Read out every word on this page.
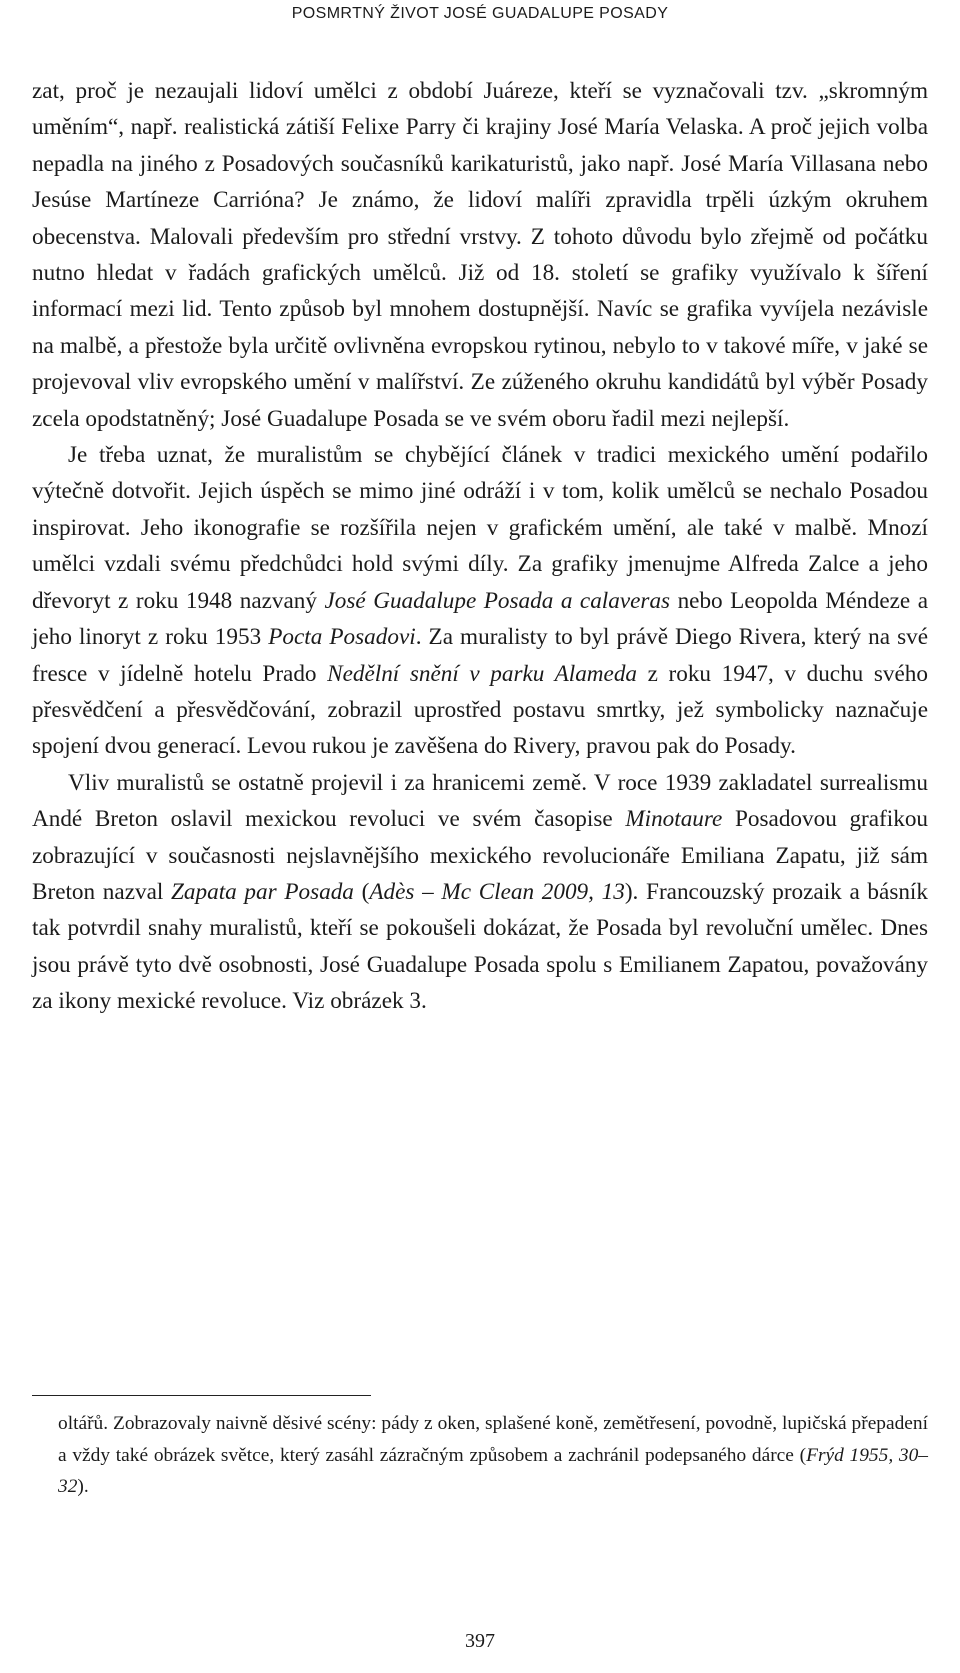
POSMRTNÝ ŽIVOT JOSÉ GUADALUPE POSADY

zat, proč je nezaujali lidoví umělci z období Juáreze, kteří se vyznačovali tzv. „skromným uměním“, např. realistická zátiší Felixe Parry či krajiny José María Velaska. A proč jejich volba nepadla na jiného z Posadových současníků karikaturistů, jako např. José María Villasana nebo Jesúse Martíneze Carrióna? Je známo, že lidoví malíři zpravidla trpěli úzkým okruhem obecenstva. Malovali především pro střední vrstvy. Z tohoto důvodu bylo zřejmě od počátku nutno hledat v řadách grafických umělců. Již od 18. století se grafiky využívalo k šíření informací mezi lid. Tento způsob byl mnohem dostupnější. Navíc se grafika vyvíjela nezávisle na malbě, a přestože byla určitě ovlivněna evropskou rytinou, nebylo to v takové míře, v jaké se projevoval vliv evropského umění v malířství. Ze zúženého okruhu kandidátů byl výběr Posady zcela opodstatněný; José Guadalupe Posada se ve svém oboru řadil mezi nejlepší.

Je třeba uznat, že muralistům se chybějící článek v tradici mexického umění podařilo výtečně dotvořit. Jejich úspěch se mimo jiné odráží i v tom, kolik umělců se nechalo Posadou inspirovat. Jeho ikonografie se rozšířila nejen v grafickém umění, ale také v malbě. Mnozí umělci vzdali svému předchůdci hold svými díly. Za grafiky jmenujme Alfreda Zalce a jeho dřevoryt z roku 1948 nazvaný José Guadalupe Posada a calaveras nebo Leopolda Méndeze a jeho linoryt z roku 1953 Pocta Posadovi. Za muralisty to byl právě Diego Rivera, který na své fresce v jídelně hotelu Prado Nedělní snění v parku Alameda z roku 1947, v duchu svého přesvědčení a přesvědčování, zobrazil uprostřed postavu smrtky, jež symbolicky naznačuje spojení dvou generací. Levou rukou je zavěšena do Rivery, pravou pak do Posady.

Vliv muralistů se ostatně projevil i za hranicemi země. V roce 1939 zakladatel surrealismu Andé Breton oslavil mexickou revoluci ve svém časopise Minotaure Posadovou grafikou zobrazující v současnosti nejslavnějšího mexického revolucionáře Emiliana Zapatu, již sám Breton nazval Zapata par Posada (Adès – Mc Clean 2009, 13). Francouzský prozaik a básník tak potvrdil snahy muralistů, kteří se pokoušeli dokázat, že Posada byl revoluční umělec. Dnes jsou právě tyto dvě osobnosti, José Guadalupe Posada spolu s Emilianem Zapatou, považovány za ikony mexické revoluce. Viz obrázek 3.

oltářů. Zobrazovaly naivně děsivé scény: pády z oken, splašené koně, zemětřesení, povodně, lupičská přepadení a vždy také obrázek světce, který zasáhl zázračným způsobem a zachránil podepsaného dárce (Frýd 1955, 30–32).

397
